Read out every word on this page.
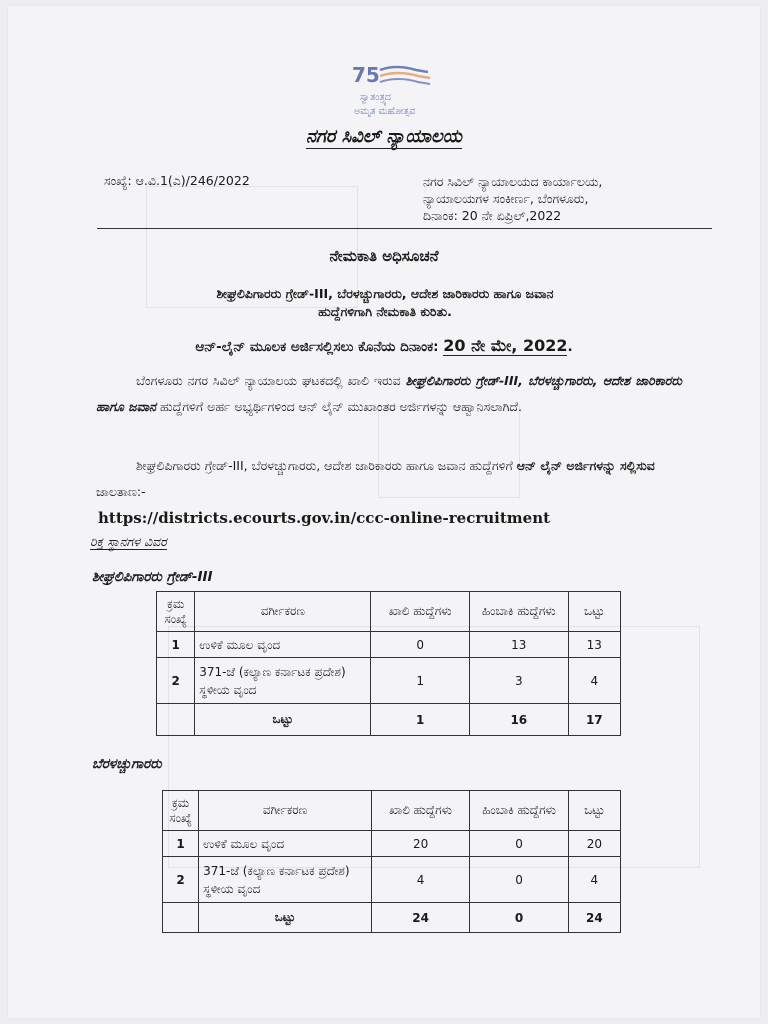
75
ಸ್ವಾತಂತ್ರ್ಯದ
ಅಮೃತ ಮಹೋತ್ಸವ
ನಗರ ಸಿವಿಲ್ ನ್ಯಾಯಾಲಯ
ಸಂಖ್ಯೆ: ಆ.ವಿ.1(ಎ)/246/2022	ನಗರ ಸಿವಿಲ್ ನ್ಯಾಯಾಲಯದ ಕಾರ್ಯಾಲಯ,
ನ್ಯಾಯಾಲಯಗಳ ಸಂಕೀರ್ಣ, ಬೆಂಗಳೂರು,
ದಿನಾಂಕ: 20 ನೇ ಏಪ್ರಿಲ್,2022
ನೇಮಕಾತಿ ಅಧಿಸೂಚನೆ
ಶೀಘ್ರಲಿಪಿಗಾರರು ಗ್ರೇಡ್-III, ಬೆರಳಚ್ಚುಗಾರರು, ಆದೇಶ ಜಾರಿಕಾರರು ಹಾಗೂ ಜವಾನ
ಹುದ್ದೆಗಳಿಗಾಗಿ ನೇಮಕಾತಿ ಕುರಿತು.
ಆನ್-ಲೈನ್ ಮೂಲಕ ಅರ್ಜಿಸಲ್ಲಿಸಲು ಕೊನೆಯ ದಿನಾಂಕ: 20 ನೇ ಮೇ, 2022.
ಬೆಂಗಳೂರು ನಗರ ಸಿವಿಲ್ ನ್ಯಾಯಾಲಯ ಘಟಕದಲ್ಲಿ ಖಾಲಿ ಇರುವ ಶೀಘ್ರಲಿಪಿಗಾರರು ಗ್ರೇಡ್-III, ಬೆರಳಚ್ಚುಗಾರರು, ಆದೇಶ ಜಾರಿಕಾರರು ಹಾಗೂ ಜವಾನ ಹುದ್ದೆಗಳಿಗೆ ಅರ್ಹ ಅಭ್ಯರ್ಥಿಗಳಿಂದ ಆನ್ ಲೈನ್ ಮುಖಾಂತರ ಅರ್ಜಿಗಳನ್ನು ಆಹ್ವಾನಿಸಲಾಗಿದೆ.
ಶೀಘ್ರಲಿಪಿಗಾರರು ಗ್ರೇಡ್-III, ಬೆರಳಚ್ಚುಗಾರರು, ಆದೇಶ ಜಾರಿಕಾರರು ಹಾಗೂ ಜವಾನ ಹುದ್ದೆಗಳಿಗೆ ಆನ್ ಲೈನ್ ಅರ್ಜಿಗಳನ್ನು ಸಲ್ಲಿಸುವ ಜಾಲತಾಣ:-
https://districts.ecourts.gov.in/ccc-online-recruitment
ರಿಕ್ತ ಸ್ಥಾನಗಳ ವಿವರ
ಶೀಘ್ರಲಿಪಿಗಾರರು ಗ್ರೇಡ್-III
ಕ್ರಮ ಸಂಖ್ಯೆ	ವರ್ಗೀಕರಣ	ಖಾಲಿ ಹುದ್ದೆಗಳು	ಹಿಂಬಾಕಿ ಹುದ್ದೆಗಳು	ಒಟ್ಟು
1	ಉಳಿಕೆ ಮೂಲ ವೃಂದ	0	13	13
2	371-ಜೆ (ಕಲ್ಯಾಣ ಕರ್ನಾಟಕ ಪ್ರದೇಶ) ಸ್ಥಳೀಯ ವೃಂದ	1	3	4
	ಒಟ್ಟು	1	16	17
ಬೆರಳಚ್ಚುಗಾರರು
ಕ್ರಮ ಸಂಖ್ಯೆ	ವರ್ಗೀಕರಣ	ಖಾಲಿ ಹುದ್ದೆಗಳು	ಹಿಂಬಾಕಿ ಹುದ್ದೆಗಳು	ಒಟ್ಟು
1	ಉಳಿಕೆ ಮೂಲ ವೃಂದ	20	0	20
2	371-ಜೆ (ಕಲ್ಯಾಣ ಕರ್ನಾಟಕ ಪ್ರದೇಶ) ಸ್ಥಳೀಯ ವೃಂದ	4	0	4
	ಒಟ್ಟು	24	0	24
